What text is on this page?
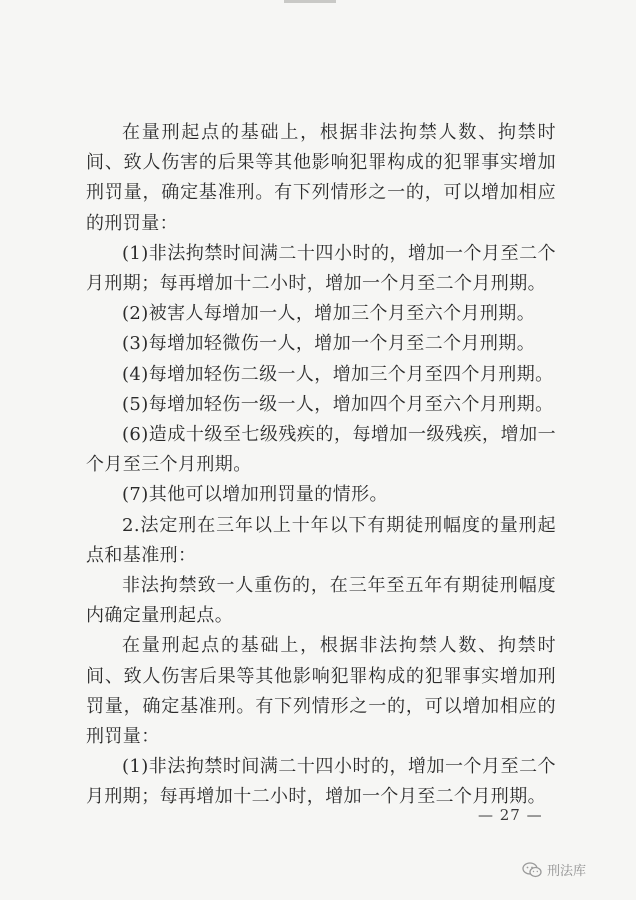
在量刑起点的基础上，根据非法拘禁人数、拘禁时间、致人伤害的后果等其他影响犯罪构成的犯罪事实增加刑罚量，确定基准刑。有下列情形之一的，可以增加相应的刑罚量：

(1)非法拘禁时间满二十四小时的，增加一个月至二个月刑期；每再增加十二小时，增加一个月至二个月刑期。

(2)被害人每增加一人，增加三个月至六个月刑期。

(3)每增加轻微伤一人，增加一个月至二个月刑期。

(4)每增加轻伤二级一人，增加三个月至四个月刑期。

(5)每增加轻伤一级一人，增加四个月至六个月刑期。

(6)造成十级至七级残疾的，每增加一级残疾，增加一个月至三个月刑期。

(7)其他可以增加刑罚量的情形。

2.法定刑在三年以上十年以下有期徒刑幅度的量刑起点和基准刑：

非法拘禁致一人重伤的，在三年至五年有期徒刑幅度内确定量刑起点。

在量刑起点的基础上，根据非法拘禁人数、拘禁时间、致人伤害后果等其他影响犯罪构成的犯罪事实增加刑罚量，确定基准刑。有下列情形之一的，可以增加相应的刑罚量：

(1)非法拘禁时间满二十四小时的，增加一个月至二个月刑期；每再增加十二小时，增加一个月至二个月刑期。

— 27 —
刑法库
